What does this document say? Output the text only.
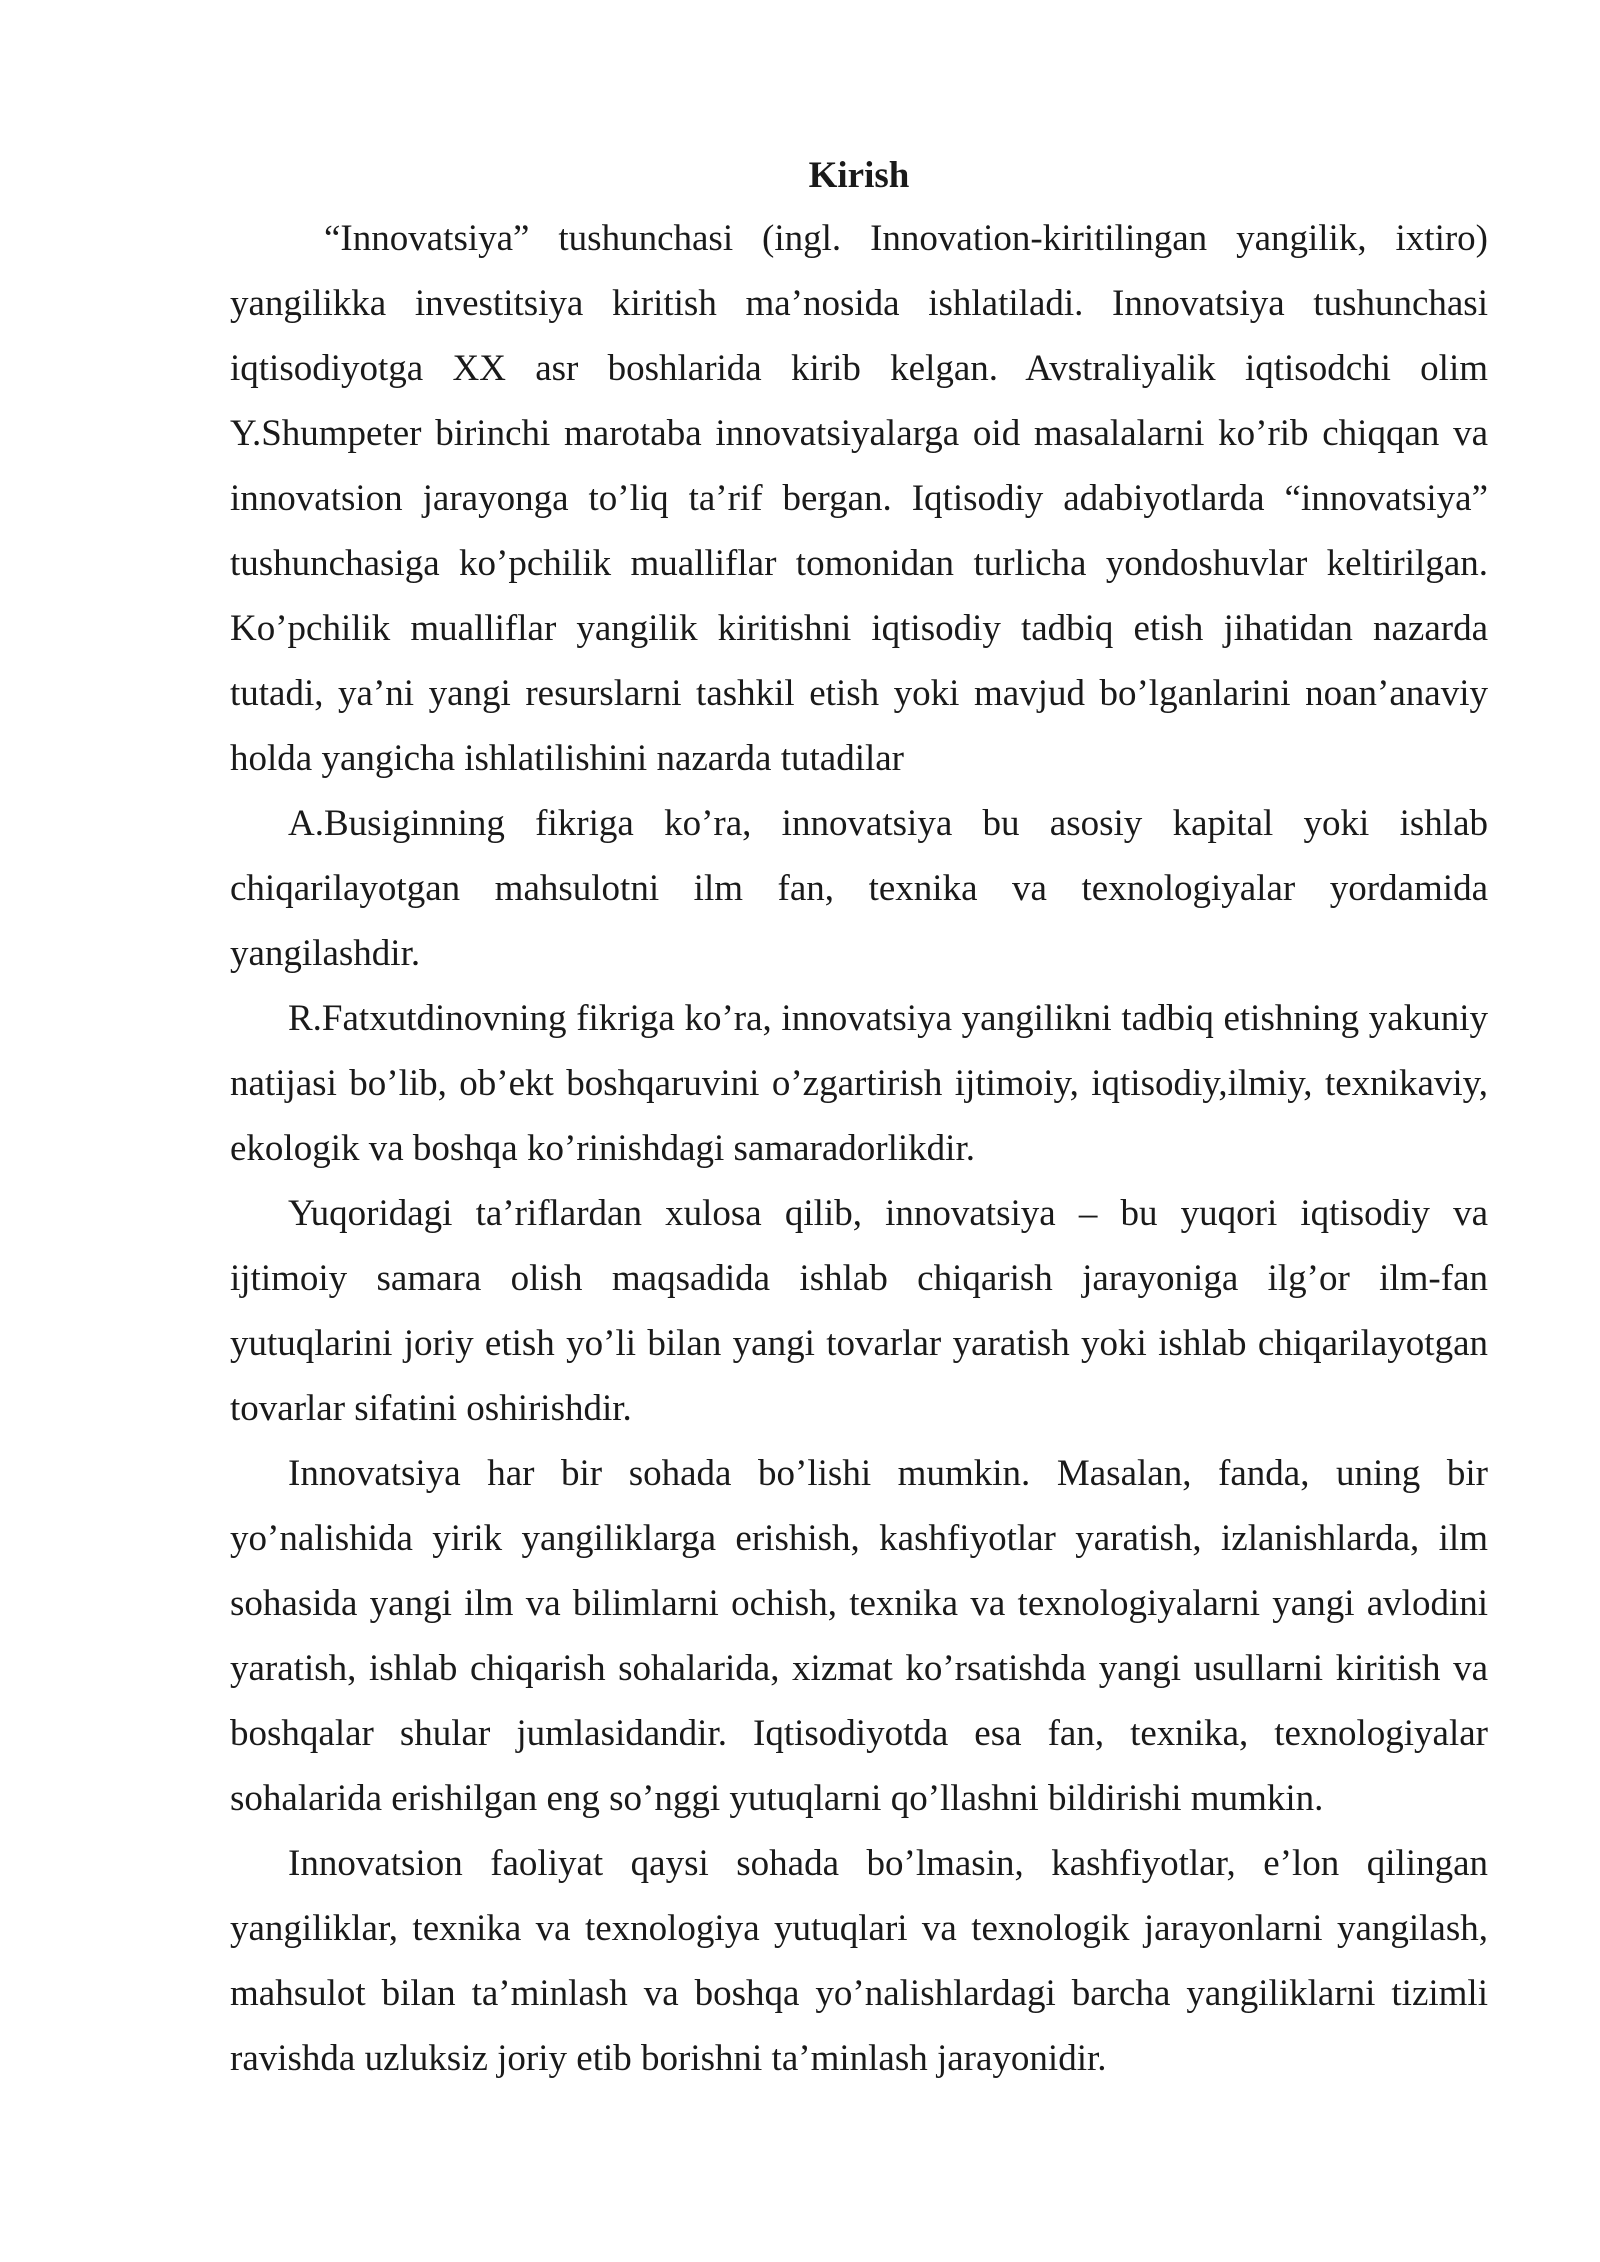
Kirish

“Innovatsiya” tushunchasi (ingl. Innovation-kiritilingan yangilik, ixtiro) yangilikka investitsiya kiritish ma’nosida ishlatiladi. Innovatsiya tushunchasi iqtisodiyotga XX asr boshlarida kirib kelgan. Avstraliyalik iqtisodchi olim Y.Shumpeter birinchi marotaba innovatsiyalarga oid masalalarni ko’rib chiqqan va innovatsion jarayonga to’liq ta’rif bergan. Iqtisodiy adabiyotlarda “innovatsiya” tushunchasiga ko’pchilik mualliflar tomonidan turlicha yondoshuvlar keltirilgan. Ko’pchilik mualliflar yangilik kiritishni iqtisodiy tadbiq etish jihatidan nazarda tutadi, ya’ni yangi resurslarni tashkil etish yoki mavjud bo’lganlarini noan’anaviy holda yangicha ishlatilishini nazarda tutadilar

A.Busiginning fikriga ko’ra, innovatsiya bu asosiy kapital yoki ishlab chiqarilayotgan mahsulotni ilm fan, texnika va texnologiyalar yordamida yangilashdir.

R.Fatxutdinovning fikriga ko’ra, innovatsiya yangilikni tadbiq etishning yakuniy natijasi bo’lib, ob’ekt boshqaruvini o’zgartirish ijtimoiy, iqtisodiy,ilmiy, texnikaviy, ekologik va boshqa ko’rinishdagi samaradorlikdir.

Yuqoridagi ta’riflardan xulosa qilib, innovatsiya – bu yuqori iqtisodiy va ijtimoiy samara olish maqsadida ishlab chiqarish jarayoniga ilg’or ilm-fan yutuqlarini joriy etish yo’li bilan yangi tovarlar yaratish yoki ishlab chiqarilayotgan tovarlar sifatini oshirishdir.

Innovatsiya har bir sohada bo’lishi mumkin. Masalan, fanda, uning bir yo’nalishida yirik yangiliklarga erishish, kashfiyotlar yaratish, izlanishlarda, ilm sohasida yangi ilm va bilimlarni ochish, texnika va texnologiyalarni yangi avlodini yaratish, ishlab chiqarish sohalarida, xizmat ko’rsatishda yangi usullarni kiritish va boshqalar shular jumlasidandir. Iqtisodiyotda esa fan, texnika, texnologiyalar sohalarida erishilgan eng so’nggi yutuqlarni qo’llashni bildirishi mumkin.

Innovatsion faoliyat qaysi sohada bo’lmasin, kashfiyotlar, e’lon qilingan yangiliklar, texnika va texnologiya yutuqlari va texnologik jarayonlarni yangilash, mahsulot bilan ta’minlash va boshqa yo’nalishlardagi barcha yangiliklarni tizimli ravishda uzluksiz joriy etib borishni ta’minlash jarayonidir.
